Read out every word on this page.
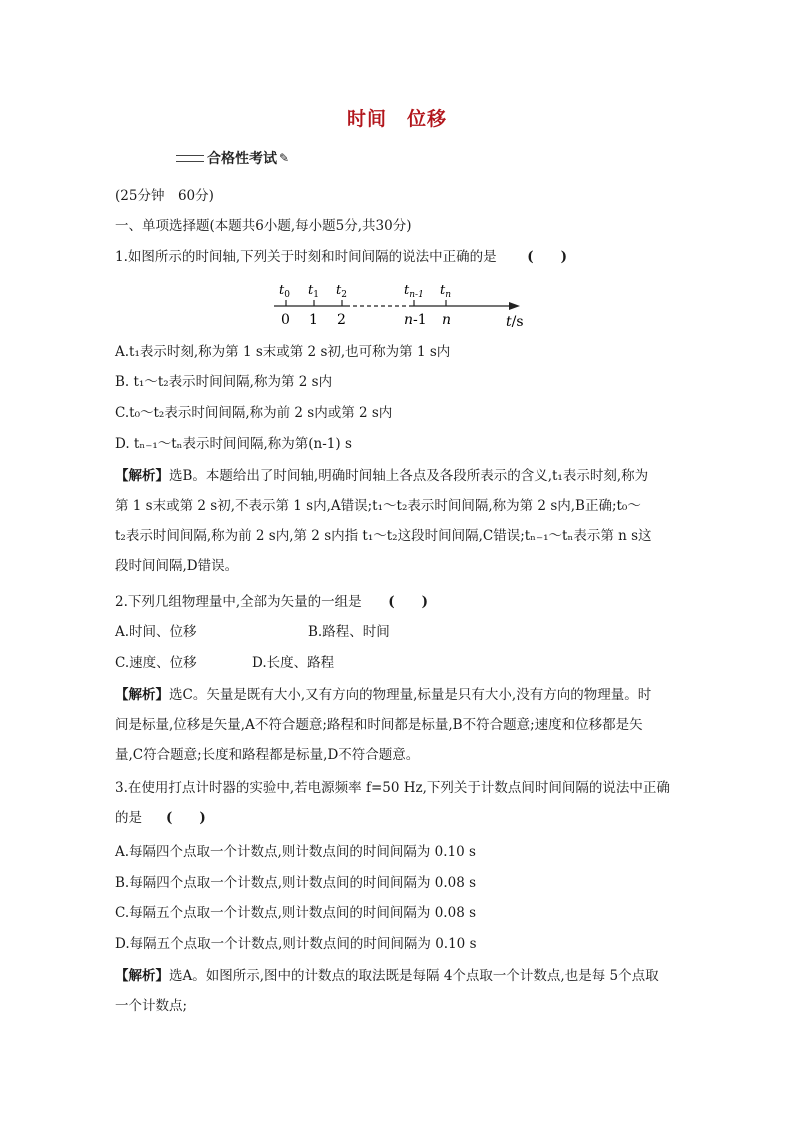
时间　位移
合格性考试 ✎
(25分钟　60分)
一、单项选择题(本题共6小题,每小题5分,共30分)
1.如图所示的时间轴,下列关于时刻和时间间隔的说法中正确的是 (　　)
$t_0$ $t_1$ $t_2$	$t_{n-1}$ $t_n$
0 1 2	n-1 n	t/s
A.t₁表示时刻,称为第 1 s末或第 2 s初,也可称为第 1 s内
B. t₁～t₂表示时间间隔,称为第 2 s内
C.t₀～t₂表示时间间隔,称为前 2 s内或第 2 s内
D. tₙ₋₁～tₙ表示时间间隔,称为第(n-1) s
【解析】选B。本题给出了时间轴,明确时间轴上各点及各段所表示的含义,t₁表示时刻,称为
第 1 s末或第 2 s初,不表示第 1 s内,A错误;t₁～t₂表示时间间隔,称为第 2 s内,B正确;t₀～
t₂表示时间间隔,称为前 2 s内,第 2 s内指 t₁～t₂这段时间间隔,C错误;tₙ₋₁～tₙ表示第 n s这
段时间间隔,D错误。
2.下列几组物理量中,全部为矢量的一组是 (　　)
A.时间、位移	B.路程、时间
C.速度、位移	D.长度、路程
【解析】选C。矢量是既有大小,又有方向的物理量,标量是只有大小,没有方向的物理量。时
间是标量,位移是矢量,A不符合题意;路程和时间都是标量,B不符合题意;速度和位移都是矢
量,C符合题意;长度和路程都是标量,D不符合题意。
3.在使用打点计时器的实验中,若电源频率 f=50 Hz,下列关于计数点间时间间隔的说法中正确
的是 (　　)
A.每隔四个点取一个计数点,则计数点间的时间间隔为 0.10 s
B.每隔四个点取一个计数点,则计数点间的时间间隔为 0.08 s
C.每隔五个点取一个计数点,则计数点间的时间间隔为 0.08 s
D.每隔五个点取一个计数点,则计数点间的时间间隔为 0.10 s
【解析】选A。如图所示,图中的计数点的取法既是每隔 4个点取一个计数点,也是每 5个点取
一个计数点;
